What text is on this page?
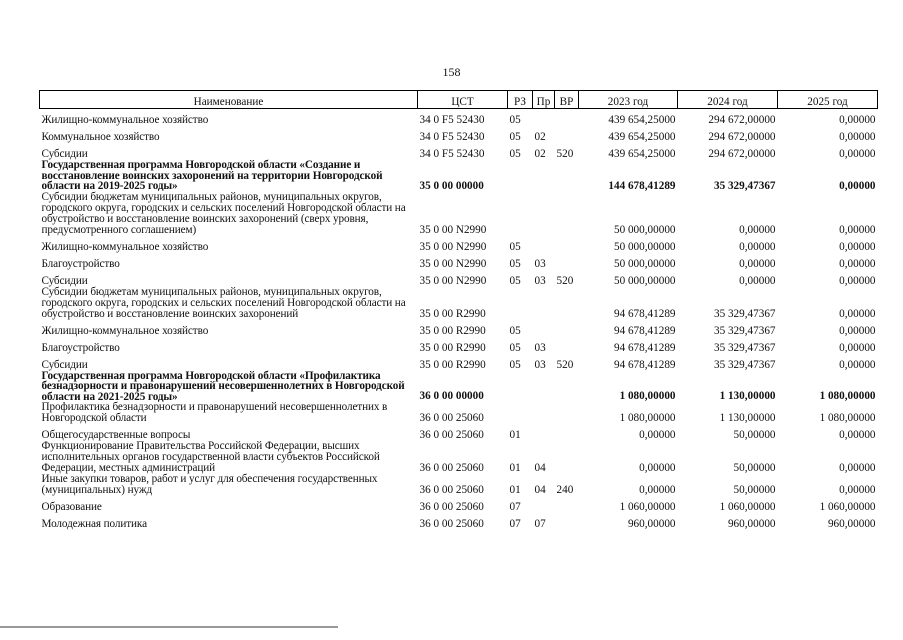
158
Наименование	ЦСТ	РЗ	Пр	ВР	2023 год	2024 год	2025 год
Жилищно-коммунальное хозяйство	34 0 F5 52430	05			439 654,25000	294 672,00000	0,00000
Коммунальное хозяйство	34 0 F5 52430	05	02		439 654,25000	294 672,00000	0,00000
Субсидии	34 0 F5 52430	05	02	520	439 654,25000	294 672,00000	0,00000
Государственная программа Новгородской области «Создание и восстановление воинских захоронений на территории Новгородской области на 2019-2025 годы»	35 0 00 00000				144 678,41289	35 329,47367	0,00000
Субсидии бюджетам муниципальных районов, муниципальных округов, городского округа, городских и сельских поселений Новгородской области на обустройство и восстановление воинских захоронений (сверх уровня, предусмотренного соглашением)	35 0 00 N2990				50 000,00000	0,00000	0,00000
Жилищно-коммунальное хозяйство	35 0 00 N2990	05			50 000,00000	0,00000	0,00000
Благоустройство	35 0 00 N2990	05	03		50 000,00000	0,00000	0,00000
Субсидии	35 0 00 N2990	05	03	520	50 000,00000	0,00000	0,00000
Субсидии бюджетам муниципальных районов, муниципальных округов, городского округа, городских и сельских поселений Новгородской области на обустройство и восстановление воинских захоронений	35 0 00 R2990				94 678,41289	35 329,47367	0,00000
Жилищно-коммунальное хозяйство	35 0 00 R2990	05			94 678,41289	35 329,47367	0,00000
Благоустройство	35 0 00 R2990	05	03		94 678,41289	35 329,47367	0,00000
Субсидии	35 0 00 R2990	05	03	520	94 678,41289	35 329,47367	0,00000
Государственная программа Новгородской области «Профилактика безнадзорности и правонарушений несовершеннолетних в Новгородской области на 2021-2025 годы»	36 0 00 00000				1 080,00000	1 130,00000	1 080,00000
Профилактика безнадзорности и правонарушений несовершеннолетних в Новгородской области	36 0 00 25060				1 080,00000	1 130,00000	1 080,00000
Общегосударственные вопросы	36 0 00 25060	01			0,00000	50,00000	0,00000
Функционирование Правительства Российской Федерации, высших исполнительных органов государственной власти субъектов Российской Федерации, местных администраций	36 0 00 25060	01	04		0,00000	50,00000	0,00000
Иные закупки товаров, работ и услуг для обеспечения государственных (муниципальных) нужд	36 0 00 25060	01	04	240	0,00000	50,00000	0,00000
Образование	36 0 00 25060	07			1 060,00000	1 060,00000	1 060,00000
Молодежная политика	36 0 00 25060	07	07		960,00000	960,00000	960,00000
